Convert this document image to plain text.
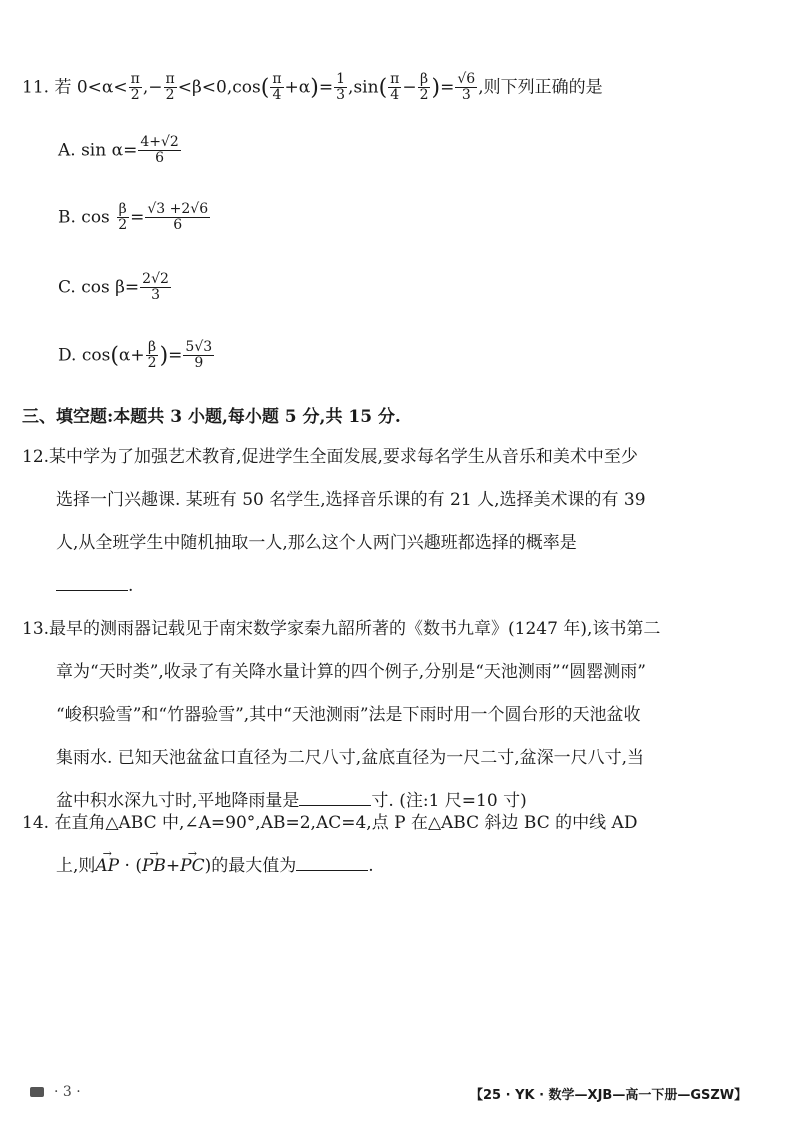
11. 若 $0<\alpha< \frac{\pi}{2}$ ,− $\frac{\pi}{2} <\beta<0,\cos( \frac{\pi}{4} +\alpha)= \frac{1}{3} ,\sin( \frac{\pi}{4} - \frac{\beta}{2}$ )= $\frac{√6}{3}$ ,则下列正确的是
A. $\sin \alpha= \frac{4+√2}{6}$
B. $\cos \frac{\beta}{2} = \frac{√3 +2√6}{6}$
C. $\cos \beta= \frac{2√2}{3}$
D. $\cos(\alpha+ \frac{\beta}{2}$ )= $\frac{5√3}{9}$
三、填空题:本题共 3 小题,每小题 5 分,共 15 分.
12.某中学为了加强艺术教育,促进学生全面发展,要求每名学生从音乐和美术中至少
选择一门兴趣课. 某班有 50 名学生,选择音乐课的有 21 人,选择美术课的有 39
人,从全班学生中随机抽取一人,那么这个人两门兴趣班都选择的概率是
.
13.最早的测雨器记载见于南宋数学家秦九韶所著的《数书九章》(1247 年),该书第二
章为“天时类”,收录了有关降水量计算的四个例子,分别是“天池测雨”“圆罂测雨”
“峻积验雪”和“竹器验雪”,其中“天池测雨”法是下雨时用一个圆台形的天池盆收
集雨水. 已知天池盆盆口直径为二尺八寸,盆底直径为一尺二寸,盆深一尺八寸,当
盆中积水深九寸时,平地降雨量是	寸. (注:1 尺=10 寸)
14. 在直角△ABC 中,∠A=90°,AB=2,AC=4,点 P 在△ABC 斜边 BC 的中线 AD
上,则→ AP · (→ PB+→ PC)的最大值为	.
· 3 ·	【25 · YK · 数学—XJB—高一下册—GSZW】
